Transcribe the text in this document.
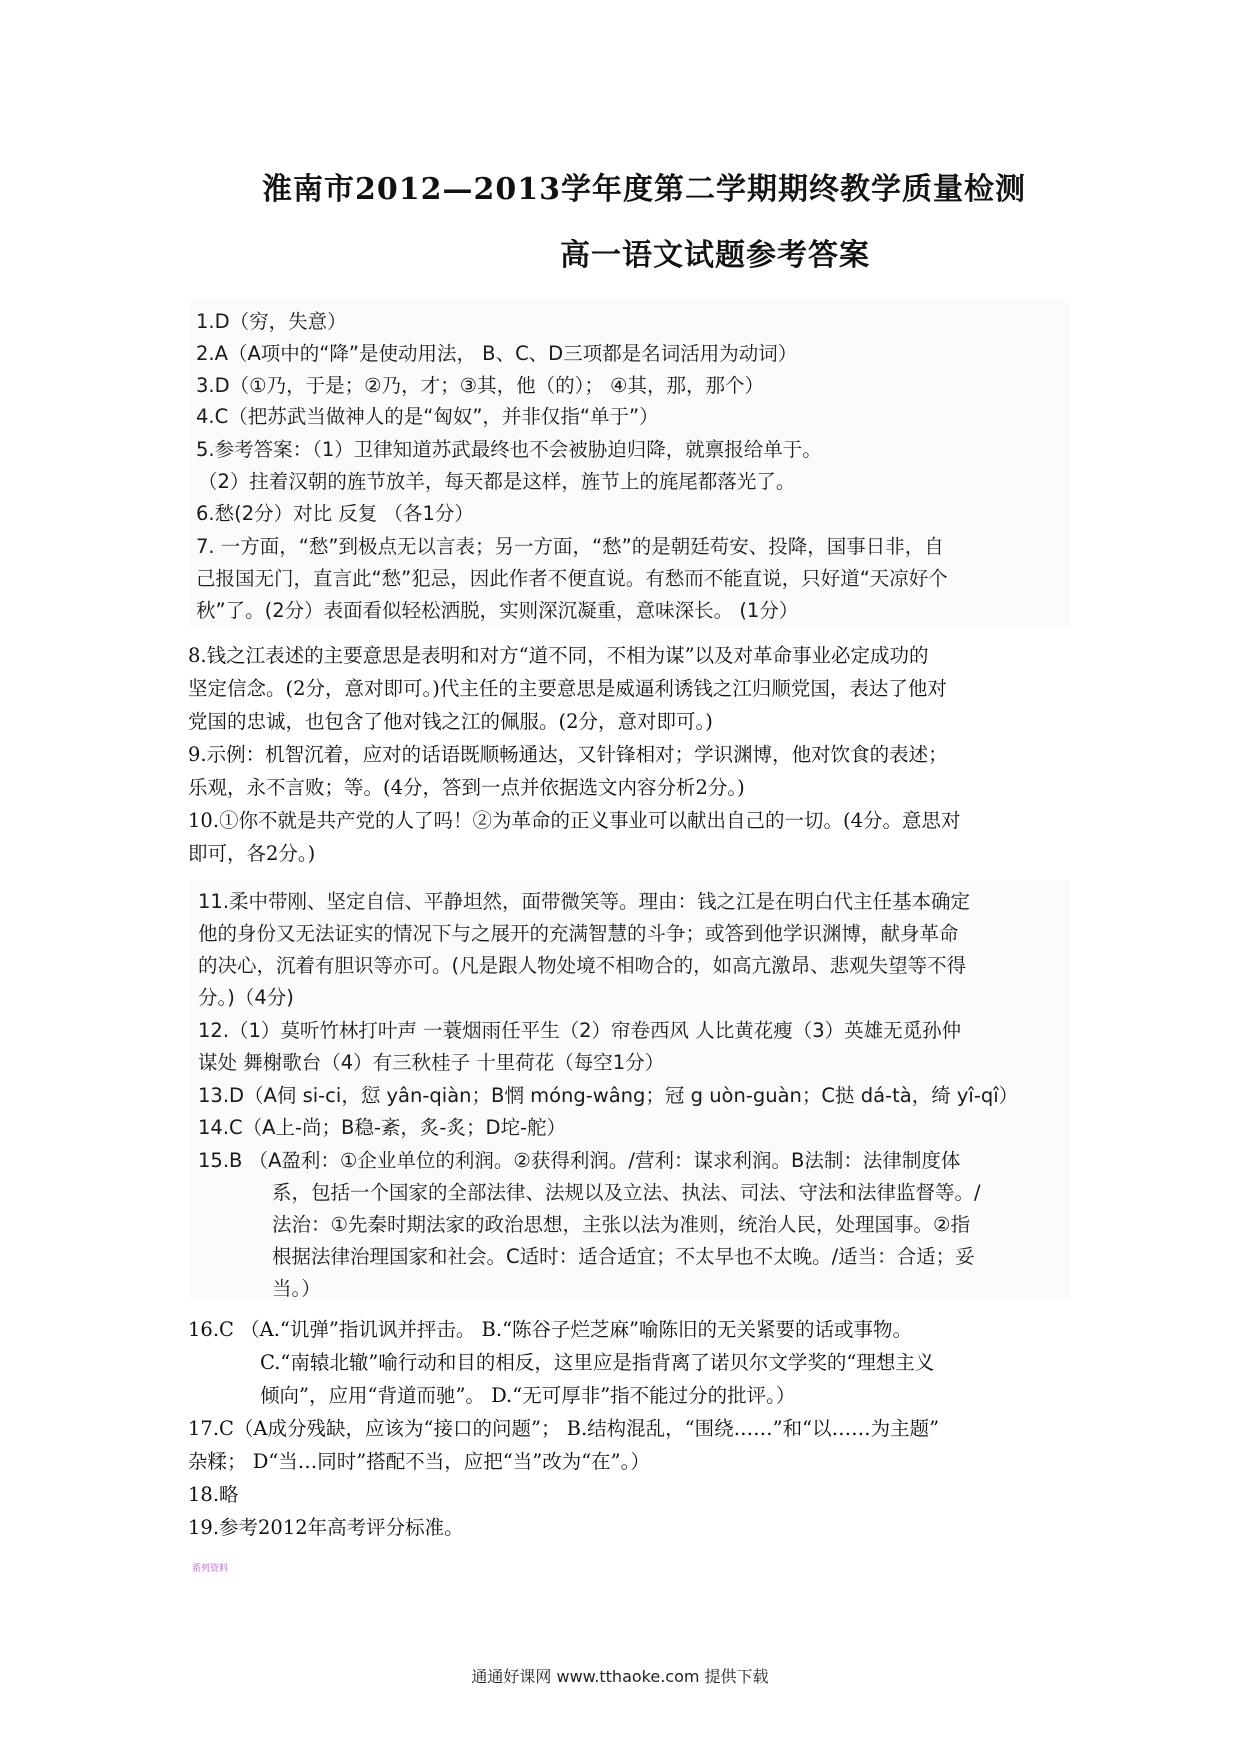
淮南市2012—2013学年度第二学期期终教学质量检测
高一语文试题参考答案
1.D（穷，失意）
2.A（A项中的“降”是使动用法， B、C、D三项都是名词活用为动词）
3.D（①乃，于是；②乃，才；③其，他（的）； ④其，那，那个）
4.C（把苏武当做神人的是“匈奴”，并非仅指“单于”）
5.参考答案：（1）卫律知道苏武最终也不会被胁迫归降，就禀报给单于。
（2）拄着汉朝的旌节放羊，每天都是这样，旌节上的旄尾都落光了。
6.愁(2分）对比 反复 （各1分）
7. 一方面，“愁”到极点无以言表；另一方面，“愁”的是朝廷苟安、投降，国事日非，自
己报国无门，直言此“愁”犯忌，因此作者不便直说。有愁而不能直说，只好道“天凉好个
秋”了。(2分）表面看似轻松洒脱，实则深沉凝重，意味深长。 (1分）
8.钱之江表述的主要意思是表明和对方“道不同，不相为谋”以及对革命事业必定成功的
坚定信念。(2分，意对即可。)代主任的主要意思是威逼利诱钱之江归顺党国，表达了他对
党国的忠诚，也包含了他对钱之江的佩服。(2分，意对即可。)
9.示例：机智沉着，应对的话语既顺畅通达，又针锋相对；学识渊博，他对饮食的表述；
乐观，永不言败；等。(4分，答到一点并依据选文内容分析2分。)
10.①你不就是共产党的人了吗！②为革命的正义事业可以献出自己的一切。(4分。意思对
即可，各2分。)
11.柔中带刚、坚定自信、平静坦然，面带微笑等。理由：钱之江是在明白代主任基本确定
他的身份又无法证实的情况下与之展开的充满智慧的斗争；或答到他学识渊博，献身革命
的决心，沉着有胆识等亦可。(凡是跟人物处境不相吻合的，如高亢激昂、悲观失望等不得
分。)（4分)
12.（1）莫听竹林打叶声 一蓑烟雨任平生（2）帘卷西风 人比黄花瘦（3）英雄无觅孙仲
谋处 舞榭歌台（4）有三秋桂子 十里荷花（每空1分）
13.D（A伺 si-ci，愆 yân-qiàn；B惘 móng-wâng；冠 g uòn-guàn；C挞 dá-tà，绮 yî-qî）
14.C（A上-尚；B稳-紊，炙-炙；D坨-舵）
15.B （A盈利：①企业单位的利润。②获得利润。/营利：谋求利润。B法制：法律制度体
系，包括一个国家的全部法律、法规以及立法、执法、司法、守法和法律监督等。/
法治：①先秦时期法家的政治思想，主张以法为准则，统治人民，处理国事。②指
根据法律治理国家和社会。C适时：适合适宜；不太早也不太晚。/适当：合适；妥
当。）
16.C （A.“讥弹”指讥讽并抨击。 B.“陈谷子烂芝麻”喻陈旧的无关紧要的话或事物。
C.“南辕北辙”喻行动和目的相反，这里应是指背离了诺贝尔文学奖的“理想主义
倾向”，应用“背道而驰”。 D.“无可厚非”指不能过分的批评。）
17.C（A成分残缺，应该为“接口的问题”； B.结构混乱，“围绕……”和“以……为主题”
杂糅； D“当…同时”搭配不当，应把“当”改为“在”。）
18.略
19.参考2012年高考评分标准。
系列资料
通通好课网 www.tthaoke.com 提供下载
